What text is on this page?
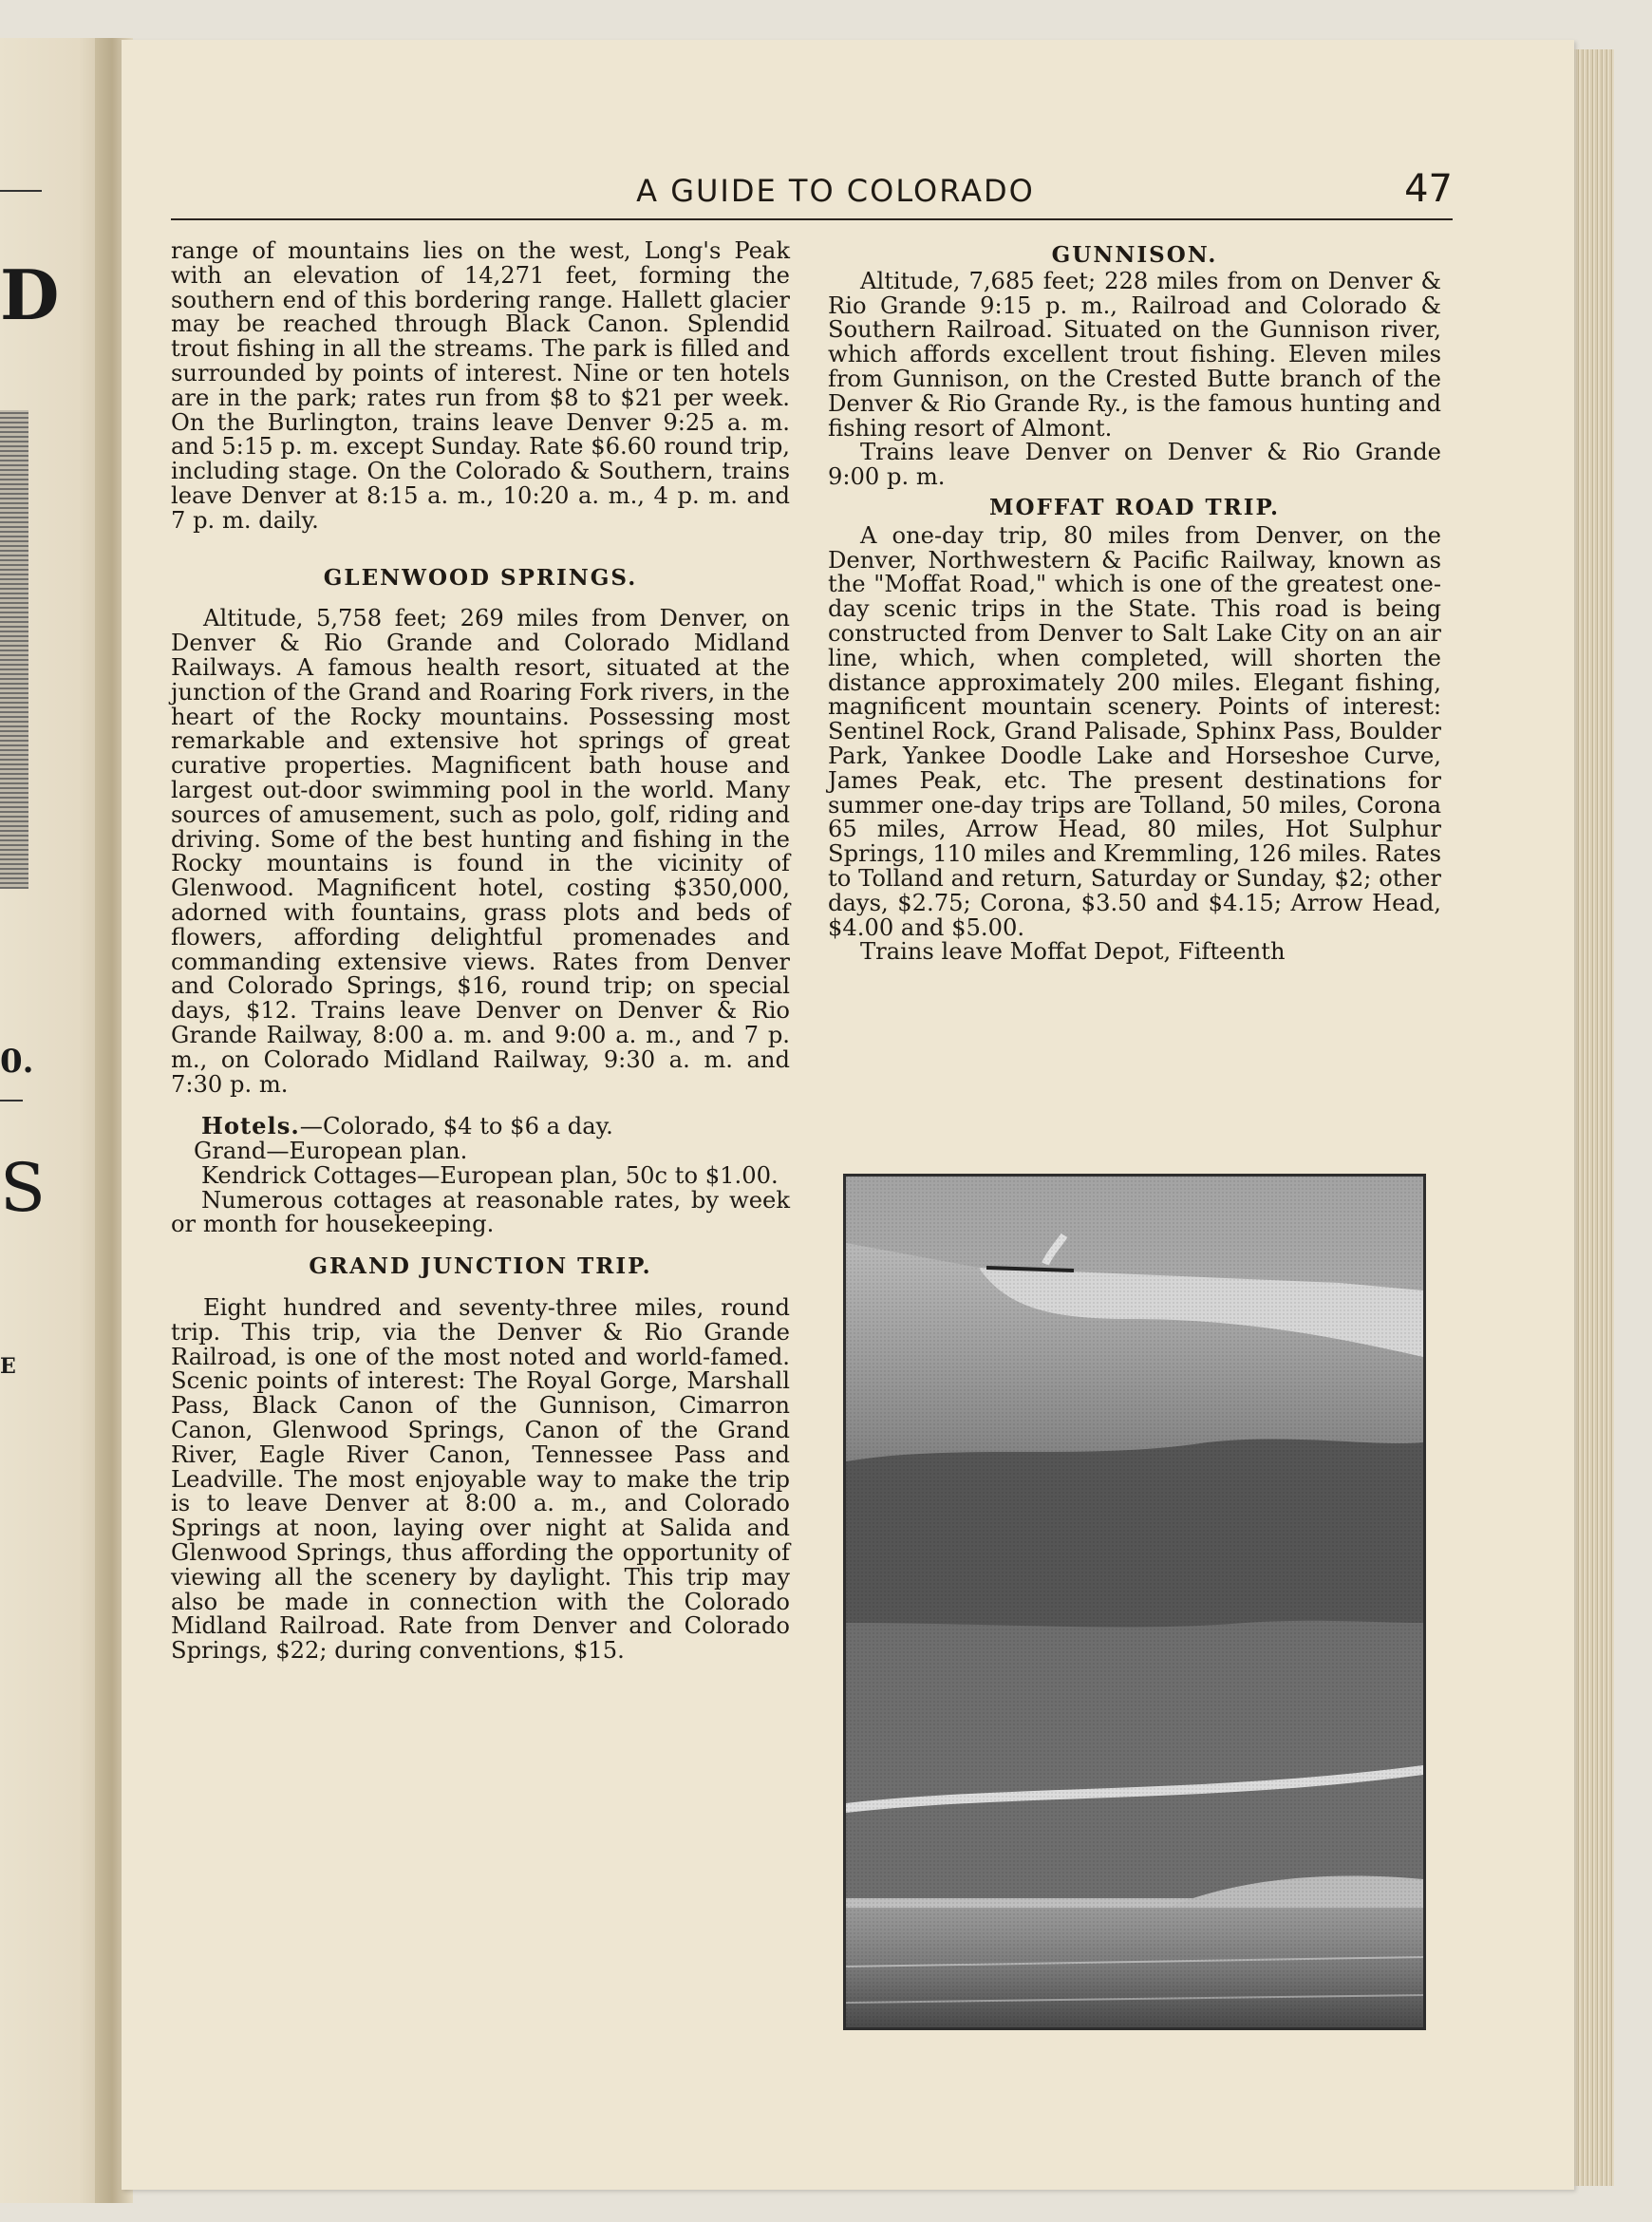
D
0.
S
E
A GUIDE TO COLORADO	47

range of mountains lies on the west, Long's Peak with an elevation of 14,271 feet, forming the southern end of this bordering range. Hallett glacier may be reached through Black Canon. Splendid trout fishing in all the streams. The park is filled and surrounded by points of interest. Nine or ten hotels are in the park; rates run from $8 to $21 per week. On the Burlington, trains leave Denver 9:25 a. m. and 5:15 p. m. except Sunday. Rate $6.60 round trip, including stage. On the Colorado & Southern, trains leave Denver at 8:15 a. m., 10:20 a. m., 4 p. m. and 7 p. m. daily.

GLENWOOD SPRINGS.

Altitude, 5,758 feet; 269 miles from Denver, on Denver & Rio Grande and Colorado Midland Railways. A famous health resort, situated at the junction of the Grand and Roaring Fork rivers, in the heart of the Rocky mountains. Possessing most remarkable and extensive hot springs of great curative properties. Magnificent bath house and largest out-door swimming pool in the world. Many sources of amusement, such as polo, golf, riding and driving. Some of the best hunting and fishing in the Rocky mountains is found in the vicinity of Glenwood. Magnificent hotel, costing $350,000, adorned with fountains, grass plots and beds of flowers, affording delightful promenades and commanding extensive views. Rates from Denver and Colorado Springs, $16, round trip; on special days, $12. Trains leave Denver on Denver & Rio Grande Railway, 8:00 a. m. and 9:00 a. m., and 7 p. m., on Colorado Midland Railway, 9:30 a. m. and 7:30 p. m.

Hotels.—Colorado, $4 to $6 a day.

Grand—European plan.

Kendrick Cottages—European plan, 50c to $1.00.

Numerous cottages at reasonable rates, by week or month for housekeeping.

GRAND JUNCTION TRIP.

Eight hundred and seventy-three miles, round trip. This trip, via the Denver & Rio Grande Railroad, is one of the most noted and world-famed. Scenic points of interest: The Royal Gorge, Marshall Pass, Black Canon of the Gunnison, Cimarron Canon, Glenwood Springs, Canon of the Grand River, Eagle River Canon, Tennessee Pass and Leadville. The most enjoyable way to make the trip is to leave Denver at 8:00 a. m., and Colorado Springs at noon, laying over night at Salida and Glenwood Springs, thus affording the opportunity of viewing all the scenery by daylight. This trip may also be made in connection with the Colorado Midland Railroad. Rate from Denver and Colorado Springs, $22; during conventions, $15.

GUNNISON.

Altitude, 7,685 feet; 228 miles from on Denver & Rio Grande 9:15 p. m., Railroad and Colorado & Southern Railroad. Situated on the Gunnison river, which affords excellent trout fishing. Eleven miles from Gunnison, on the Crested Butte branch of the Denver & Rio Grande Ry., is the famous hunting and fishing resort of Almont.

Trains leave Denver on Denver & Rio Grande 9:00 p. m.

MOFFAT ROAD TRIP.

A one-day trip, 80 miles from Denver, on the Denver, Northwestern & Pacific Railway, known as the "Moffat Road," which is one of the greatest one-day scenic trips in the State. This road is being constructed from Denver to Salt Lake City on an air line, which, when completed, will shorten the distance approximately 200 miles. Elegant fishing, magnificent mountain scenery. Points of interest: Sentinel Rock, Grand Palisade, Sphinx Pass, Boulder Park, Yankee Doodle Lake and Horseshoe Curve, James Peak, etc. The present destinations for summer one-day trips are Tolland, 50 miles, Corona 65 miles, Arrow Head, 80 miles, Hot Sulphur Springs, 110 miles and Kremmling, 126 miles. Rates to Tolland and return, Saturday or Sunday, $2; other days, $2.75; Corona, $3.50 and $4.15; Arrow Head, $4.00 and $5.00.

Trains leave Moffat Depot, Fifteenth
